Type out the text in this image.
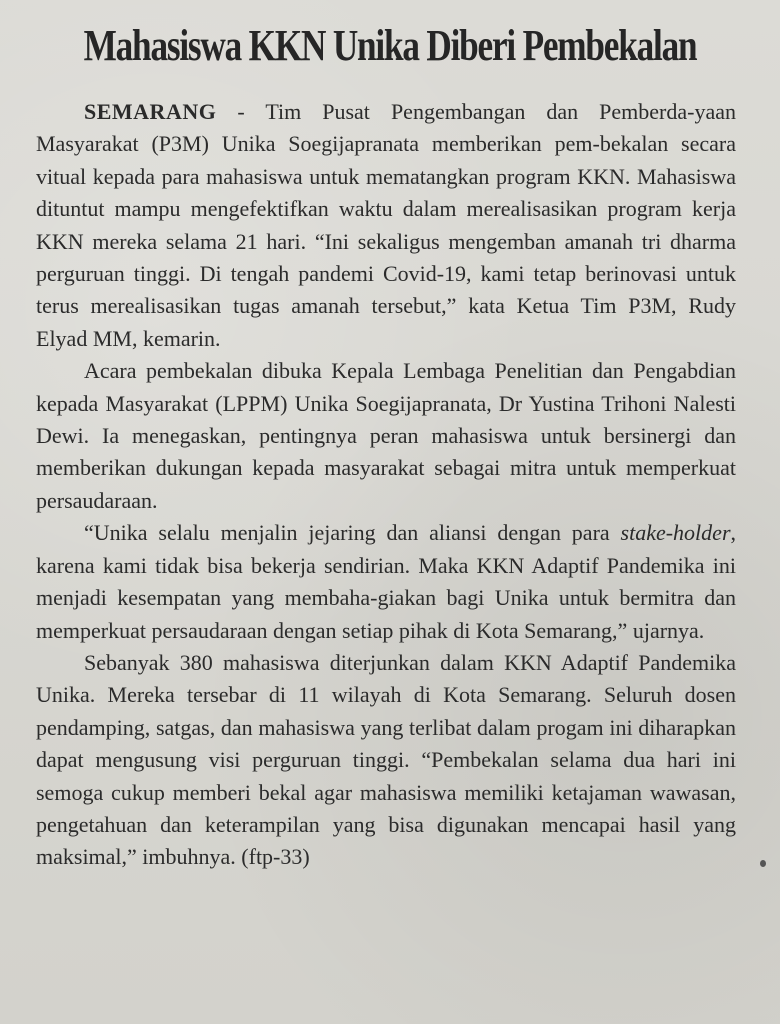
Mahasiswa KKN Unika Diberi Pembekalan

SEMARANG - Tim Pusat Pengembangan dan Pemberda-yaan Masyarakat (P3M) Unika Soegijapranata memberikan pem-bekalan secara vitual kepada para mahasiswa untuk mematangkan program KKN. Mahasiswa dituntut mampu mengefektifkan waktu dalam merealisasikan program kerja KKN mereka selama 21 hari. “Ini sekaligus mengemban amanah tri dharma perguruan tinggi. Di tengah pandemi Covid-19, kami tetap berinovasi untuk terus merealisasikan tugas amanah tersebut,” kata Ketua Tim P3M, Rudy Elyad MM, kemarin.

Acara pembekalan dibuka Kepala Lembaga Penelitian dan Pengabdian kepada Masyarakat (LPPM) Unika Soegijapranata, Dr Yustina Trihoni Nalesti Dewi. Ia menegaskan, pentingnya peran mahasiswa untuk bersinergi dan memberikan dukungan kepada masyarakat sebagai mitra untuk memperkuat persaudaraan.

“Unika selalu menjalin jejaring dan aliansi dengan para stake-holder, karena kami tidak bisa bekerja sendirian. Maka KKN Adaptif Pandemika ini menjadi kesempatan yang membaha-giakan bagi Unika untuk bermitra dan memperkuat persaudaraan dengan setiap pihak di Kota Semarang,” ujarnya.

Sebanyak 380 mahasiswa diterjunkan dalam KKN Adaptif Pandemika Unika. Mereka tersebar di 11 wilayah di Kota Semarang. Seluruh dosen pendamping, satgas, dan mahasiswa yang terlibat dalam progam ini diharapkan dapat mengusung visi perguruan tinggi. “Pembekalan selama dua hari ini semoga cukup memberi bekal agar mahasiswa memiliki ketajaman wawasan, pengetahuan dan keterampilan yang bisa digunakan mencapai hasil yang maksimal,” imbuhnya. (ftp-33)
